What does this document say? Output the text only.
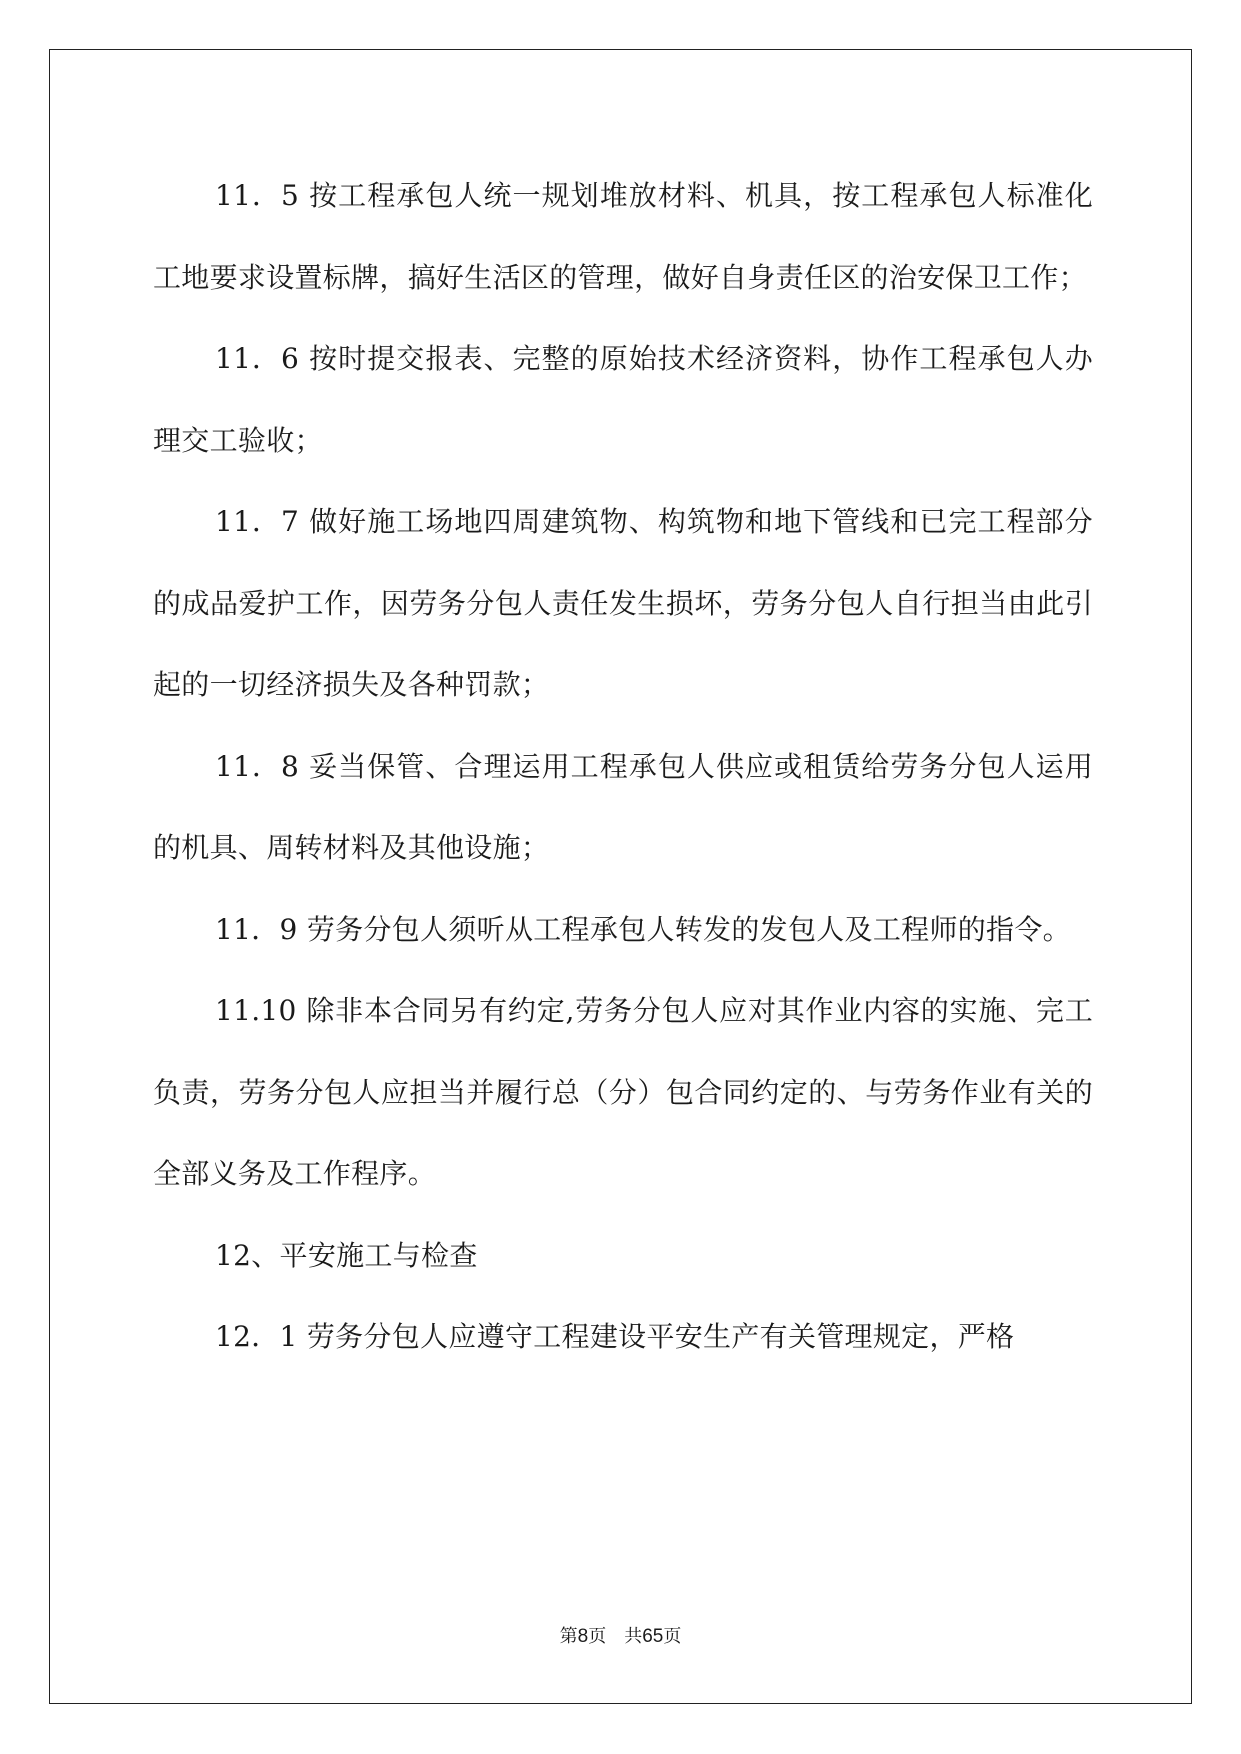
11．5 按工程承包人统一规划堆放材料、机具，按工程承包人标准化工地要求设置标牌，搞好生活区的管理，做好自身责任区的治安保卫工作；

11．6 按时提交报表、完整的原始技术经济资料，协作工程承包人办理交工验收；

11．7 做好施工场地四周建筑物、构筑物和地下管线和已完工程部分的成品爱护工作，因劳务分包人责任发生损坏，劳务分包人自行担当由此引起的一切经济损失及各种罚款；

11．8 妥当保管、合理运用工程承包人供应或租赁给劳务分包人运用的机具、周转材料及其他设施；

11．9 劳务分包人须听从工程承包人转发的发包人及工程师的指令。

11.10 除非本合同另有约定,劳务分包人应对其作业内容的实施、完工负责，劳务分包人应担当并履行总（分）包合同约定的、与劳务作业有关的全部义务及工作程序。

12、平安施工与检查

12．1 劳务分包人应遵守工程建设平安生产有关管理规定，严格

第8页　共65页
